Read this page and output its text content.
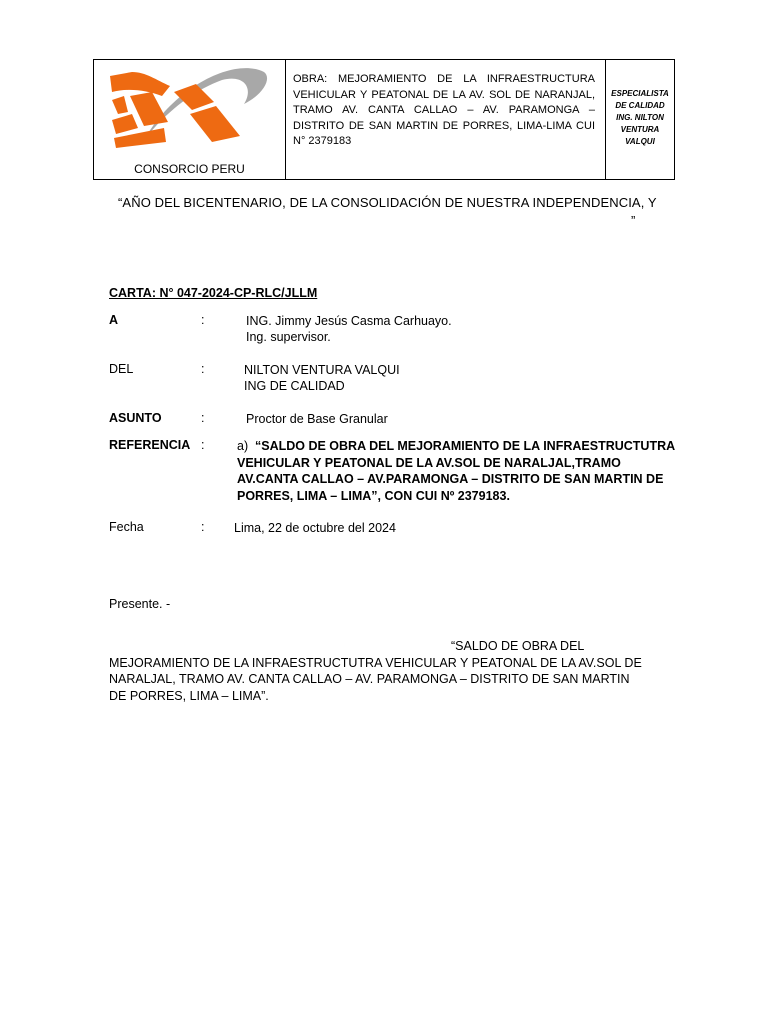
CONSORCIO PERU
OBRA: MEJORAMIENTO DE LA INFRAESTRUCTURA VEHICULAR Y PEATONAL DE LA AV. SOL DE NARANJAL, TRAMO AV. CANTA CALLAO – AV. PARAMONGA – DISTRITO DE SAN MARTIN DE PORRES, LIMA-LIMA CUI N° 2379183
ESPECIALISTA
DE CALIDAD
ING. NILTON
VENTURA
VALQUI
“AÑO DEL BICENTENARIO, DE LA CONSOLIDACIÓN DE NUESTRA INDEPENDENCIA, Y
”
CARTA: N° 047-2024-CP-RLC/JLLM
A	:	ING. Jimmy Jesús Casma Carhuayo.
Ing. supervisor.
DEL	:	NILTON VENTURA VALQUI
ING DE CALIDAD
ASUNTO	:	Proctor de Base Granular
REFERENCIA :	a) “SALDO DE OBRA DEL MEJORAMIENTO DE LA INFRAESTRUCTUTRA VEHICULAR Y PEATONAL DE LA AV.SOL DE NARALJAL,TRAMO AV.CANTA CALLAO – AV.PARAMONGA – DISTRITO DE SAN MARTIN DE PORRES, LIMA – LIMA”, CON CUI Nº 2379183.
Fecha	: Lima, 22 de octubre del 2024
Presente. -
“SALDO DE OBRA DEL
MEJORAMIENTO DE LA INFRAESTRUCTUTRA VEHICULAR Y PEATONAL DE LA AV.SOL DE NARALJAL, TRAMO AV. CANTA CALLAO – AV. PARAMONGA – DISTRITO DE SAN MARTIN DE PORRES, LIMA – LIMA”.
